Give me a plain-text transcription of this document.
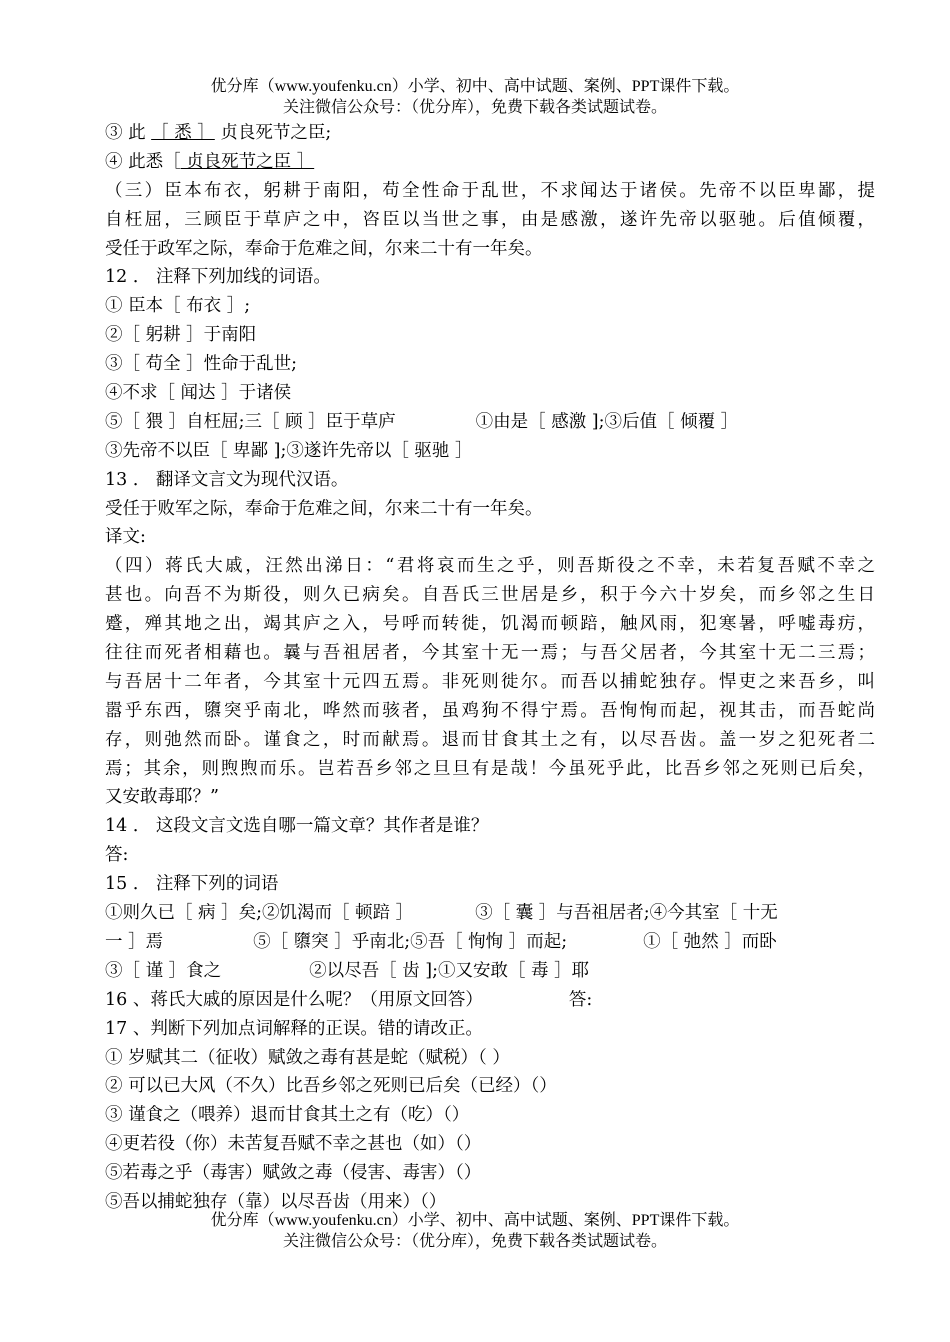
优分库（www.youfenku.cn）小学、初中、高中试题、案例、PPT课件下载。
关注微信公众号：（优分库），免费下载各类试题试卷。
③ 此 ［ 悉 ］ 贞良死节之臣;
④ 此悉［ 贞良死节之臣 ］
（三）臣本布衣，躬耕于南阳，苟全性命于乱世，不求闻达于诸侯。先帝不以臣卑鄙，提
自枉屈，三顾臣于草庐之中，咨臣以当世之事，由是感激，遂许先帝以驱驰。后值倾覆，
受任于政军之际，奉命于危难之间，尔来二十有一年矣。
12 ． 注释下列加线的词语。
① 臣本［ 布衣 ］;
②［ 躬耕 ］于南阳
③［ 苟全 ］性命于乱世;
④不求［ 闻达 ］于诸侯
⑤［ 猥 ］自枉屈;三［ 顾 ］臣于草庐	①由是［ 感激 ];③后值［ 倾覆 ］
③先帝不以臣［ 卑鄙 ];③遂许先帝以［ 驱驰 ］
13 ． 翻译文言文为现代汉语。
受任于败军之际，奉命于危难之间，尔来二十有一年矣。
译文:
（四）蒋氏大戚，汪然出涕日：“君将哀而生之乎，则吾斯役之不幸，未若复吾赋不幸之
甚也。向吾不为斯役，则久已病矣。自吾氏三世居是乡，积于今六十岁矣，而乡邻之生日
蹙，殚其地之出，竭其庐之入，号呼而转徙，饥渴而顿踣，触风雨，犯寒暑，呼嘘毒疠，
往往而死者相藉也。曩与吾祖居者，今其室十无一焉；与吾父居者，今其室十无二三焉；
与吾居十二年者，今其室十元四五焉。非死则徙尔。而吾以捕蛇独存。悍吏之来吾乡，叫
嚣乎东西，隳突乎南北，哗然而骇者，虽鸡狗不得宁焉。吾恂恂而起，视其击，而吾蛇尚
存，则弛然而卧。谨食之，时而献焉。退而甘食其土之有，以尽吾齿。盖一岁之犯死者二
焉；其余，则煦煦而乐。岂若吾乡邻之旦旦有是哉！今虽死乎此，比吾乡邻之死则已后矣，
又安敢毒耶？”
14 ． 这段文言文选自哪一篇文章？其作者是谁？
答:
15 ． 注释下列的词语
①则久已［ 病 ］矣;②饥渴而［ 顿踣 ］	③［ 囊 ］与吾祖居者;④今其室［ 十无
一 ］焉	⑤［ 隳突 ］乎南北;⑤吾［ 恂恂 ］而起;	①［ 弛然 ］而卧
③［ 谨 ］食之	②以尽吾［ 齿 ];①又安敢［ 毒 ］耶
16 、蒋氏大戚的原因是什么呢？（用原文回答）	答:
17 、判断下列加点词解释的正误。错的请改正。
① 岁赋其二（征收）赋敛之毒有甚是蛇（赋税）（ ）
② 可以已大风（不久）比吾乡邻之死则已后矣（已经）（）
③ 谨食之（喂养）退而甘食其土之有（吃）（）
④更若役（你）未苦复吾赋不幸之甚也（如）（）
⑤若毒之乎（毒害）赋敛之毒（侵害、毒害）（）
⑤吾以捕蛇独存（靠）以尽吾齿（用来）（）
优分库（www.youfenku.cn）小学、初中、高中试题、案例、PPT课件下载。
关注微信公众号：（优分库），免费下载各类试题试卷。
